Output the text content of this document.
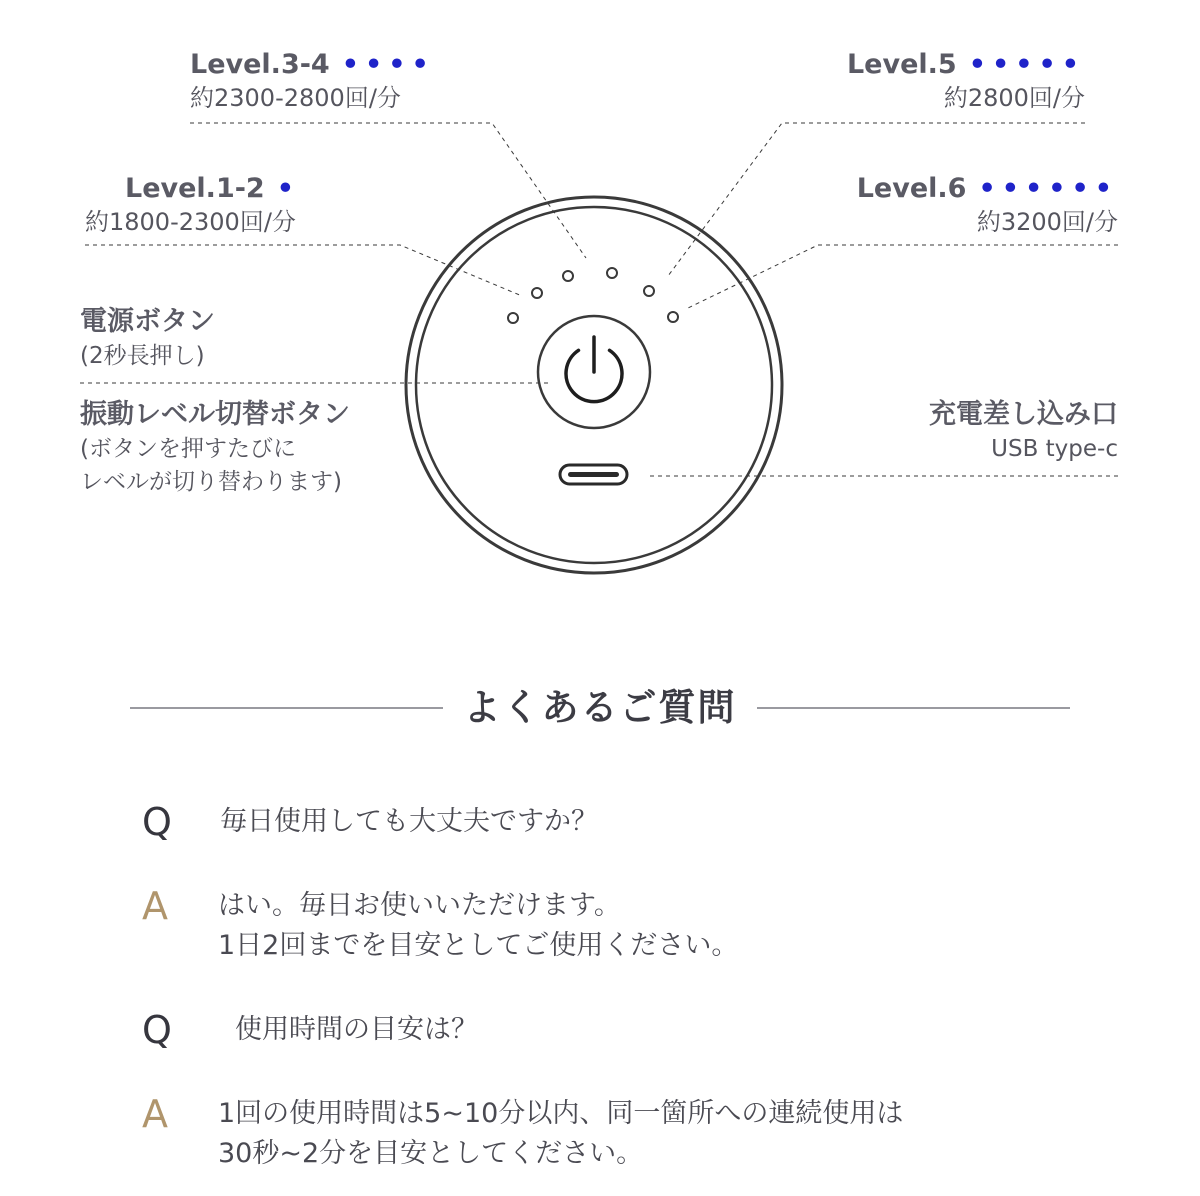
Level.3-4 ••••
約2300-2800回/分
Level.5 •••••
約2800回/分
Level.1-2 •
約1800-2300回/分
Level.6 ••••••
約3200回/分
電源ボタン
(2秒長押し)
振動レベル切替ボタン
(ボタンを押すたびに
レベルが切り替わります)
充電差し込み口
USB type-c
よくあるご質問
Q 毎日使用しても大丈夫ですか？
A はい。毎日お使いいただけます。
1日2回までを目安としてご使用ください。
Q 使用時間の目安は？
A 1回の使用時間は5~10分以内、同一箇所への連続使用は
30秒~2分を目安としてください。
